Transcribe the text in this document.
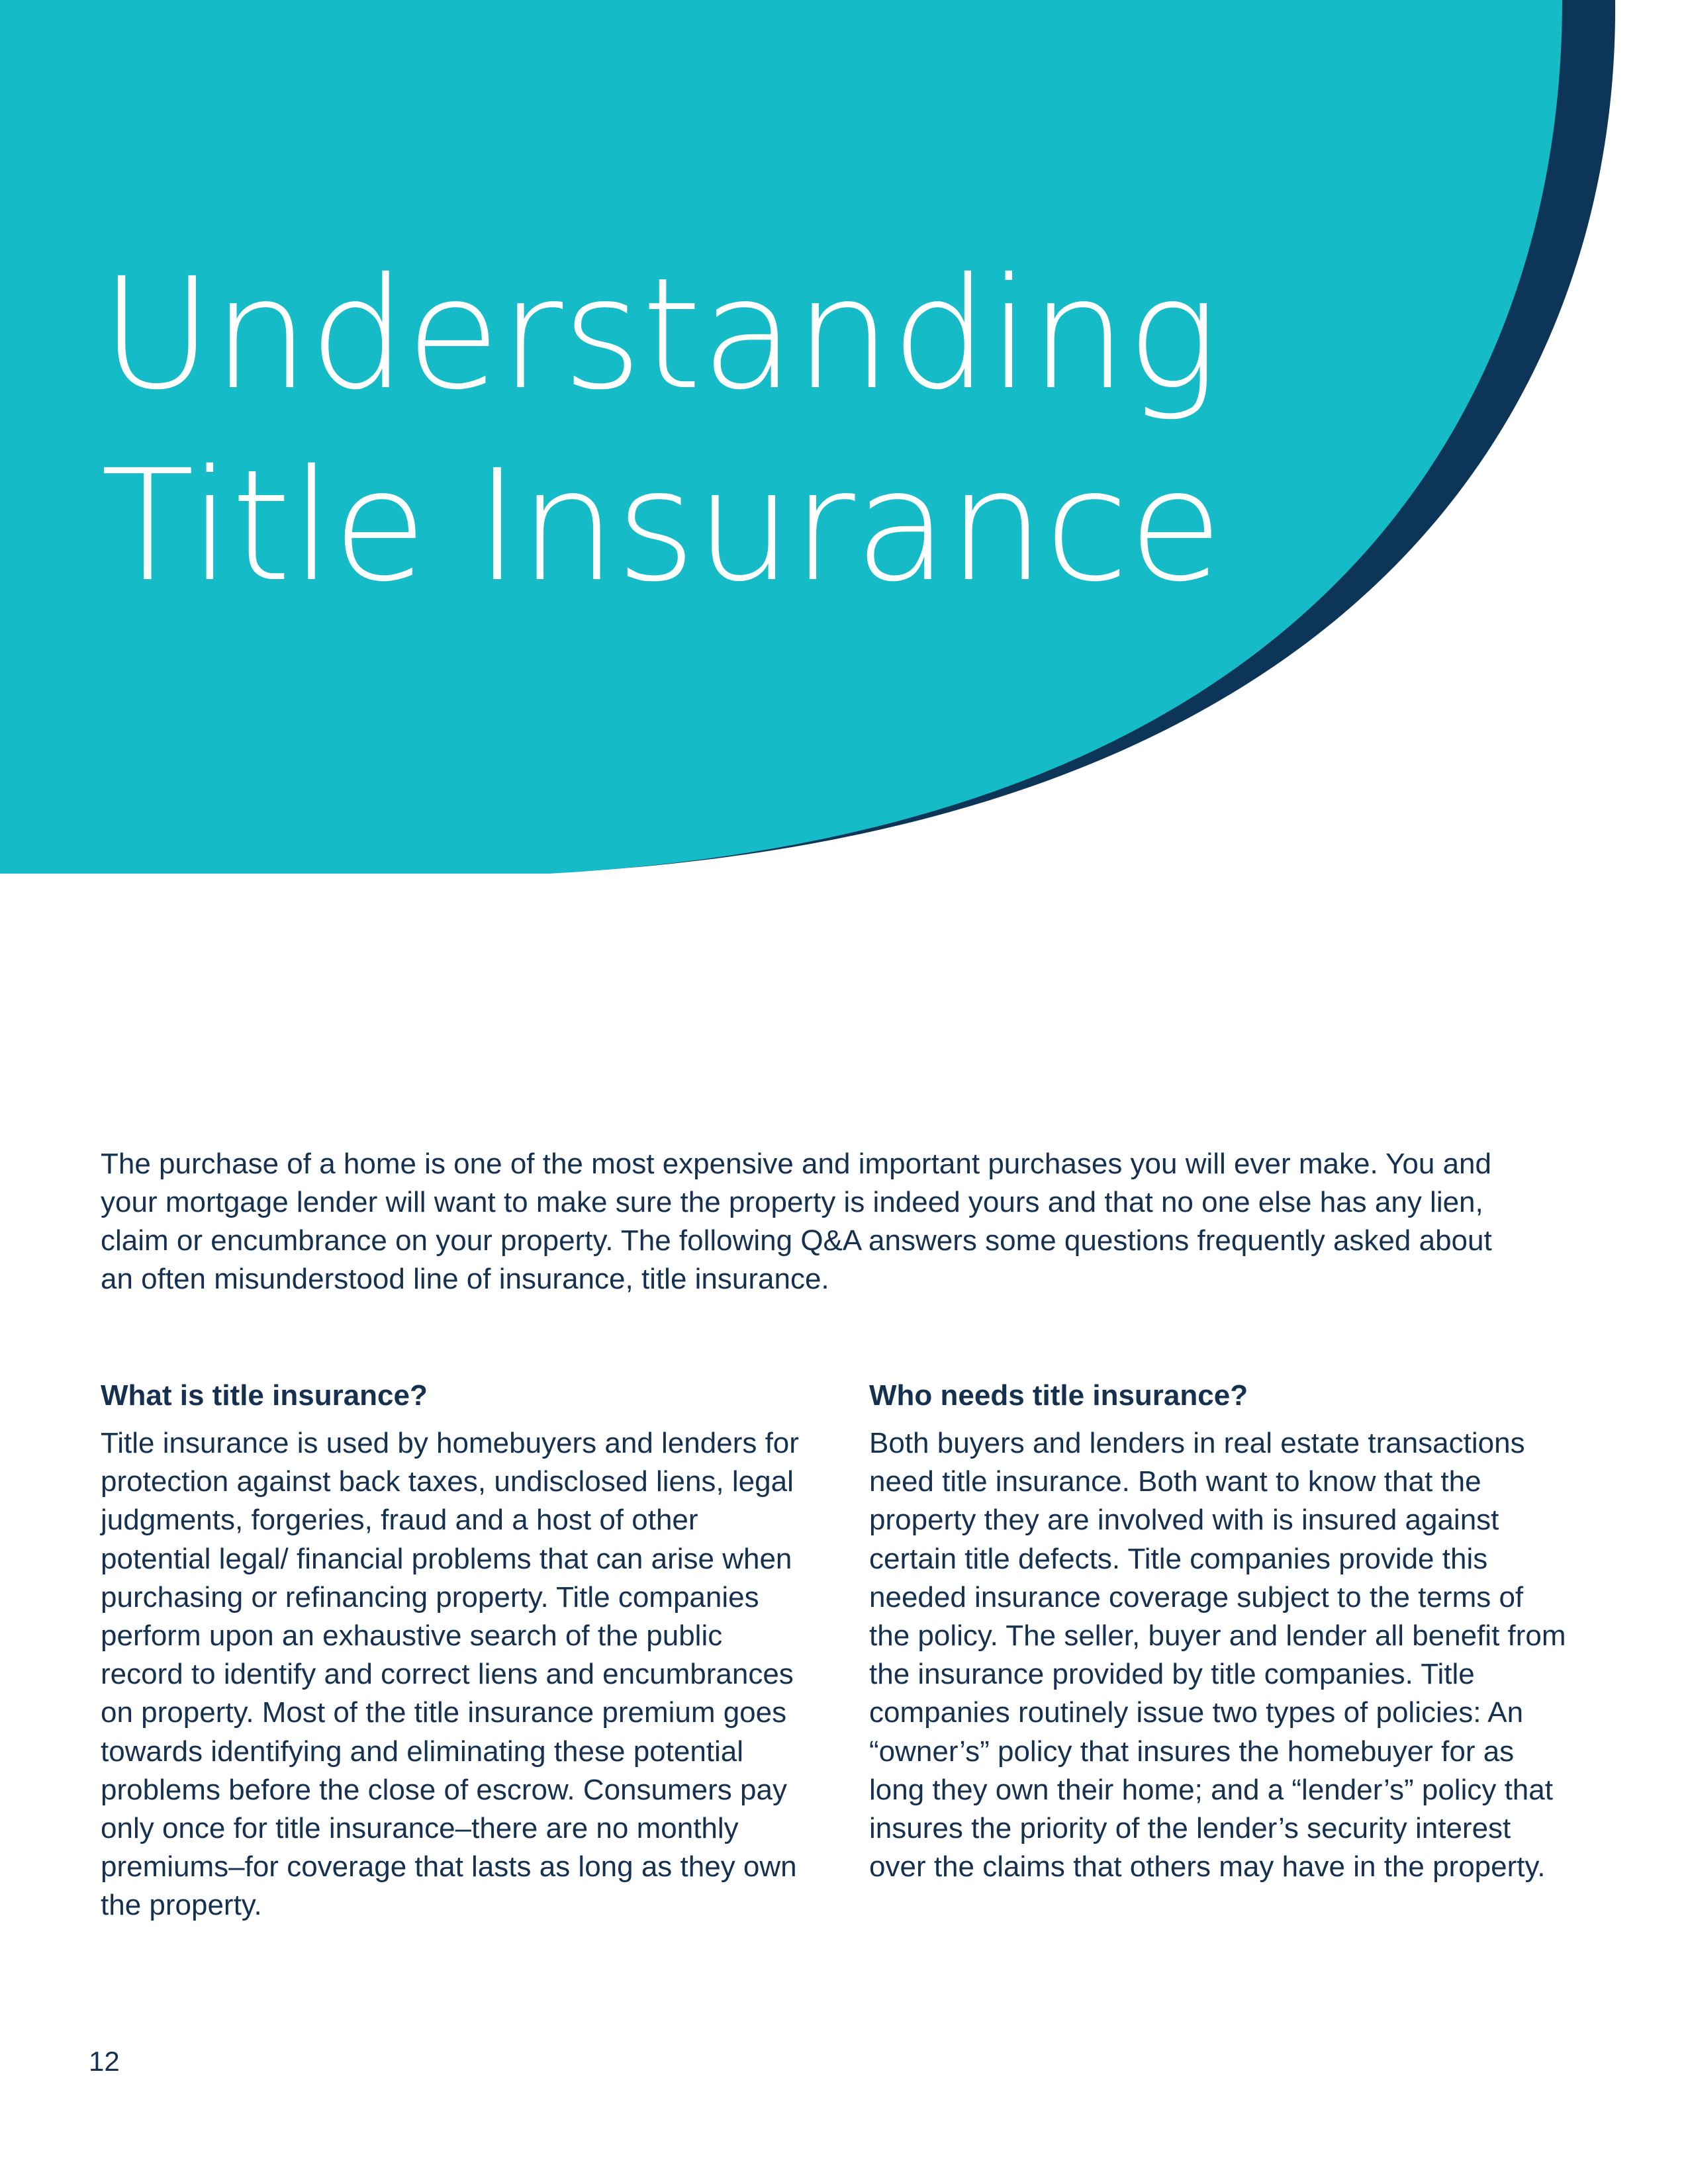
Understanding
Title Insurance

The purchase of a home is one of the most expensive and important purchases you will ever make. You and your mortgage lender will want to make sure the property is indeed yours and that no one else has any lien, claim or encumbrance on your property. The following Q&A answers some questions frequently asked about an often misunderstood line of insurance, title insurance.

What is title insurance?

Title insurance is used by homebuyers and lenders for protection against back taxes, undisclosed liens, legal judgments, forgeries, fraud and a host of other potential legal/ financial problems that can arise when purchasing or refinancing property. Title companies perform upon an exhaustive search of the public record to identify and correct liens and encumbrances on property. Most of the title insurance premium goes towards identifying and eliminating these potential problems before the close of escrow. Consumers pay only once for title insurance–there are no monthly premiums–for coverage that lasts as long as they own the property.

Who needs title insurance?

Both buyers and lenders in real estate transactions need title insurance. Both want to know that the property they are involved with is insured against certain title defects. Title companies provide this needed insurance coverage subject to the terms of the policy. The seller, buyer and lender all benefit from the insurance provided by title companies. Title companies routinely issue two types of policies: An “owner’s” policy that insures the homebuyer for as long they own their home; and a “lender’s” policy that insures the priority of the lender’s security interest over the claims that others may have in the property.

12
